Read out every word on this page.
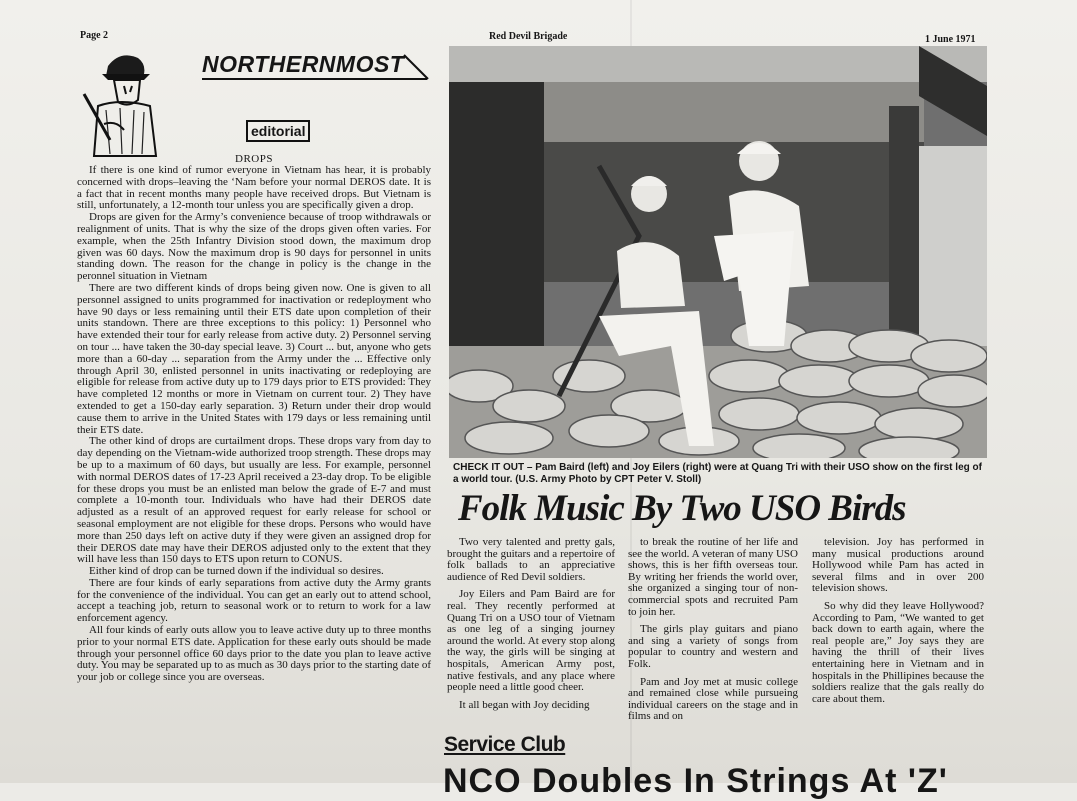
Page 2	Red Devil Brigade	1 June 1971
NORTHERNMOST
editorial
DROPS

If there is one kind of rumor everyone in Vietnam has hear, it is probably concerned with drops–leaving the ‘Nam before your normal DEROS date. It is a fact that in recent months many people have received drops. But Vietnam is still, unfortunately, a 12-month tour unless you are specifically given a drop.

Drops are given for the Army’s convenience because of troop withdrawals or realignment of units. That is why the size of the drops given often varies. For example, when the 25th Infantry Division stood down, the maximum drop given was 60 days. Now the maximum drop is 90 days for personnel in units standing down. The reason for the change in policy is the change in the peronnel situation in Vietnam

There are two different kinds of drops being given now. One is given to all personnel assigned to units programmed for inactivation or redeployment who have 90 days or less remaining until their ETS date upon completion of their units standown. There are three exceptions to this policy: 1) Personnel who have extended their tour for early release from active duty. 2) Personnel serving on tour ... have taken the 30-day special leave. 3) Court ... but, anyone who gets more than a 60-day ... separation from the Army under the ... Effective only through April 30, enlisted personnel in units inactivating or redeploying are eligible for release from active duty up to 179 days prior to ETS provided: They have completed 12 months or more in Vietnam on current tour. 2) They have extended to get a 150-day early separation. 3) Return under their drop would cause them to arrive in the United States with 179 days or less remaining until their ETS date.

The other kind of drops are curtailment drops. These drops vary from day to day depending on the Vietnam-wide authorized troop strength. These drops may be up to a maximum of 60 days, but usually are less. For example, personnel with normal DEROS dates of 17-23 April received a 23-day drop. To be eligible for these drops you must be an enlisted man below the grade of E-7 and must complete a 10-month tour. Individuals who have had their DEROS date adjusted as a result of an approved request for early release for school or seasonal employment are not eligible for these drops. Persons who would have more than 250 days left on active duty if they were given an assigned drop for their DEROS date may have their DEROS adjusted only to the extent that they will have less than 150 days to ETS upon return to CONUS.

Either kind of drop can be turned down if the individual so desires.

There are four kinds of early separations from active duty the Army grants for the convenience of the individual. You can get an early out to attend school, accept a teaching job, return to seasonal work or to return to work for a law enforcement agency.

All four kinds of early outs allow you to leave active duty up to three months prior to your normal ETS date. Application for these early outs should be made through your personnel office 60 days prior to the date you plan to leave active duty. You may be separated up to as much as 30 days prior to the starting date of your job or college since you are overseas.

CHECK IT OUT – Pam Baird (left) and Joy Eilers (right) were at Quang Tri with their USO show on the first leg of a world tour. (U.S. Army Photo by CPT Peter V. Stoll)
Folk Music By Two USO Birds

Two very talented and pretty gals, brought the guitars and a repertoire of folk ballads to an appreciative audience of Red Devil soldiers.

Joy Eilers and Pam Baird are for real. They recently performed at Quang Tri on a USO tour of Vietnam as one leg of a singing journey around the world. At every stop along the way, the girls will be singing at hospitals, American Army post, native festivals, and any place where people need a little good cheer.

It all began with Joy deciding

to break the routine of her life and see the world. A veteran of many USO shows, this is her fifth overseas tour. By writing her friends the world over, she organized a singing tour of non-commercial spots and recruited Pam to join her.

The girls play guitars and piano and sing a variety of songs from popular to country and western and Folk.

Pam and Joy met at music college and remained close while pursueing individual careers on the stage and in films and on

television. Joy has performed in many musical productions around Hollywood while Pam has acted in several films and in over 200 television shows.

So why did they leave Hollywood? According to Pam, “We wanted to get back down to earth again, where the real people are,” Joy says they are having the thrill of their lives entertaining here in Vietnam and in hospitals in the Phillipines because the soldiers realize that the gals really do care about them.

Service Club
NCO Doubles In Strings At 'Z'
